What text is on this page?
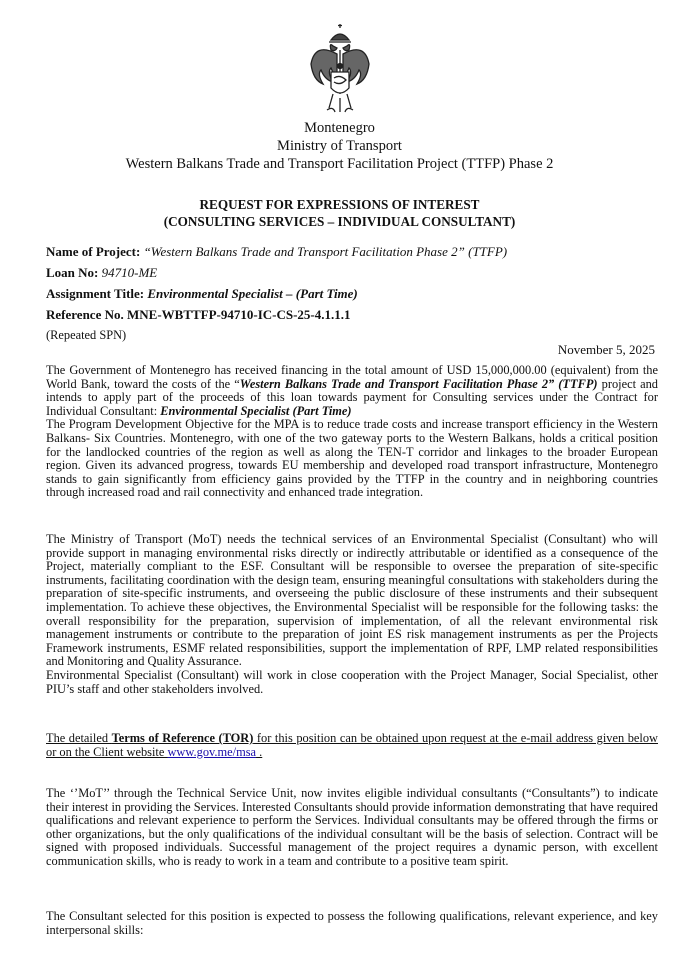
Montenegro
Ministry of Transport
Western Balkans Trade and Transport Facilitation Project (TTFP) Phase 2
REQUEST FOR EXPRESSIONS OF INTEREST
(CONSULTING SERVICES – INDIVIDUAL CONSULTANT)
Name of Project: “Western Balkans Trade and Transport Facilitation Phase 2” (TTFP)
Loan No: 94710-ME
Assignment Title: Environmental Specialist – (Part Time)
Reference No. MNE-WBTTFP-94710-IC-CS-25-4.1.1.1
(Repeated SPN)
November 5, 2025

The Government of Montenegro has received financing in the total amount of USD 15,000,000.00 (equivalent) from the World Bank, toward the costs of the “Western Balkans Trade and Transport Facilitation Phase 2” (TTFP) project and intends to apply part of the proceeds of this loan towards payment for Consulting services under the Contract for Individual Consultant: Environmental Specialist (Part Time)

The Program Development Objective for the MPA is to reduce trade costs and increase transport efficiency in the Western Balkans- Six Countries. Montenegro, with one of the two gateway ports to the Western Balkans, holds a critical position for the landlocked countries of the region as well as along the TEN-T corridor and linkages to the broader European region. Given its advanced progress, towards EU membership and developed road transport infrastructure, Montenegro stands to gain significantly from efficiency gains provided by the TTFP in the country and in neighboring countries through increased road and rail connectivity and enhanced trade integration.

The Ministry of Transport (MoT) needs the technical services of an Environmental Specialist (Consultant) who will provide support in managing environmental risks directly or indirectly attributable or identified as a consequence of the Project, materially compliant to the ESF. Consultant will be responsible to oversee the preparation of site-specific instruments, facilitating coordination with the design team, ensuring meaningful consultations with stakeholders during the preparation of site-specific instruments, and overseeing the public disclosure of these instruments and their subsequent implementation. To achieve these objectives, the Environmental Specialist will be responsible for the following tasks: the overall responsibility for the preparation, supervision of implementation, of all the relevant environmental risk management instruments or contribute to the preparation of joint ES risk management instruments as per the Projects Framework instruments, ESMF related responsibilities, support the implementation of RPF, LMP related responsibilities and Monitoring and Quality Assurance.

Environmental Specialist (Consultant) will work in close cooperation with the Project Manager, Social Specialist, other PIU’s staff and other stakeholders involved.

The detailed Terms of Reference (TOR) for this position can be obtained upon request at the e-mail address given below or on the Client website www.gov.me/msa .

The ‘’MoT’’ through the Technical Service Unit, now invites eligible individual consultants (“Consultants”) to indicate their interest in providing the Services. Interested Consultants should provide information demonstrating that have required qualifications and relevant experience to perform the Services. Individual consultants may be offered through the firms or other organizations, but the only qualifications of the individual consultant will be the basis of selection. Contract will be signed with proposed individuals. Successful management of the project requires a dynamic person, with excellent communication skills, who is ready to work in a team and contribute to a positive team spirit.
The Consultant selected for this position is expected to possess the following qualifications, relevant experience, and key interpersonal skills:
